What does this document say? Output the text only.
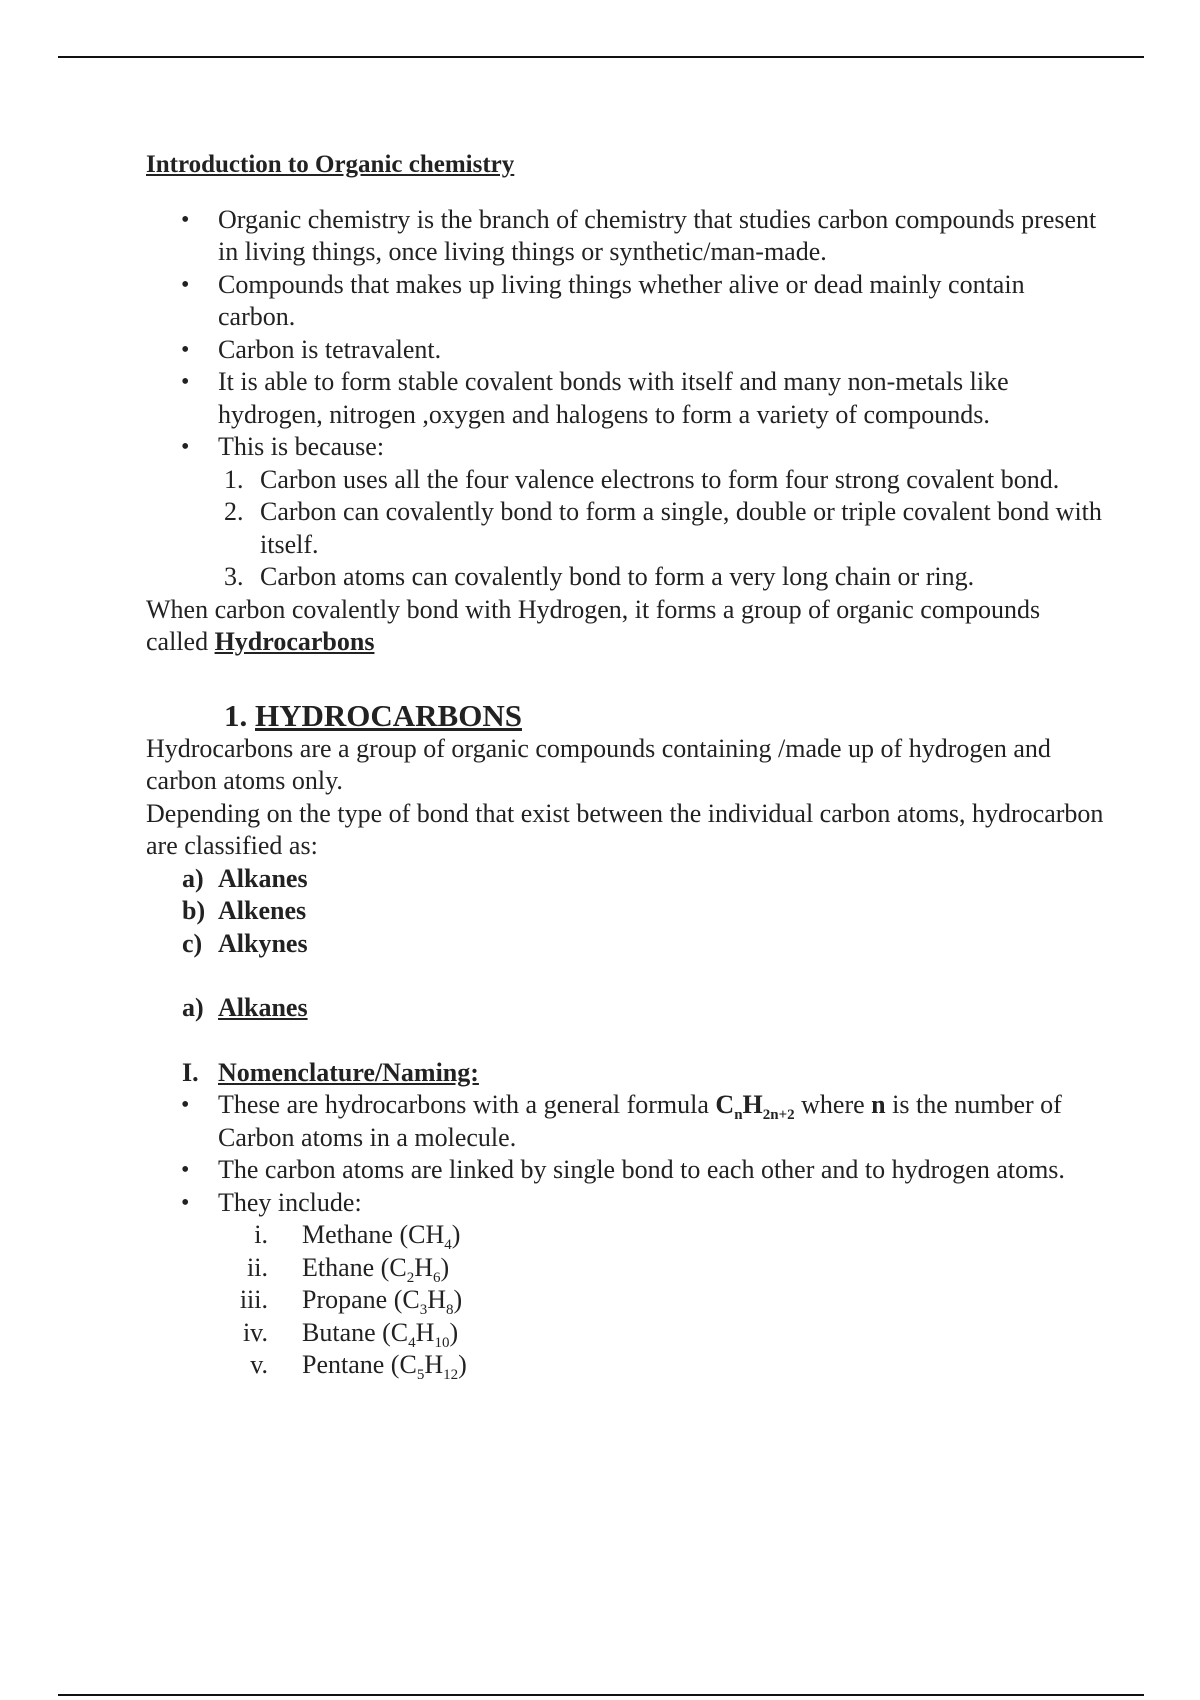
Introduction to Organic chemistry
• Organic chemistry is the branch of chemistry that studies carbon compounds present in living things, once living things or synthetic/man-made.
• Compounds that makes up living things whether alive or dead mainly contain carbon.
• Carbon is tetravalent.
• It is able to form stable covalent bonds with itself and many non-metals like hydrogen, nitrogen ,oxygen and halogens to form a variety of compounds.
• This is because:
1. Carbon uses all the four valence electrons to form four strong covalent bond.
2. Carbon can covalently bond to form a single, double or triple covalent bond with itself.
3. Carbon atoms can covalently bond to form a very long chain or ring.

When carbon covalently bond with Hydrogen, it forms a group of organic compounds called Hydrocarbons

1. HYDROCARBONS

Hydrocarbons are a group of organic compounds containing /made up of hydrogen and carbon atoms only.

Depending on the type of bond that exist between the individual carbon atoms, hydrocarbon are classified as:

a) Alkanes
b) Alkenes
c) Alkynes
a) Alkanes
I. Nomenclature/Naming:
• These are hydrocarbons with a general formula $C_nH_{2n+2}$ where n is the number of Carbon atoms in a molecule.
• The carbon atoms are linked by single bond to each other and to hydrogen atoms.
• They include:
i. Methane $(CH_4)$
ii. Ethane $(C_2H_6)$
iii. Propane $(C_3H_8)$
iv. Butane $(C_4H_{10})$
v. Pentane $(C_5H_{12})$
